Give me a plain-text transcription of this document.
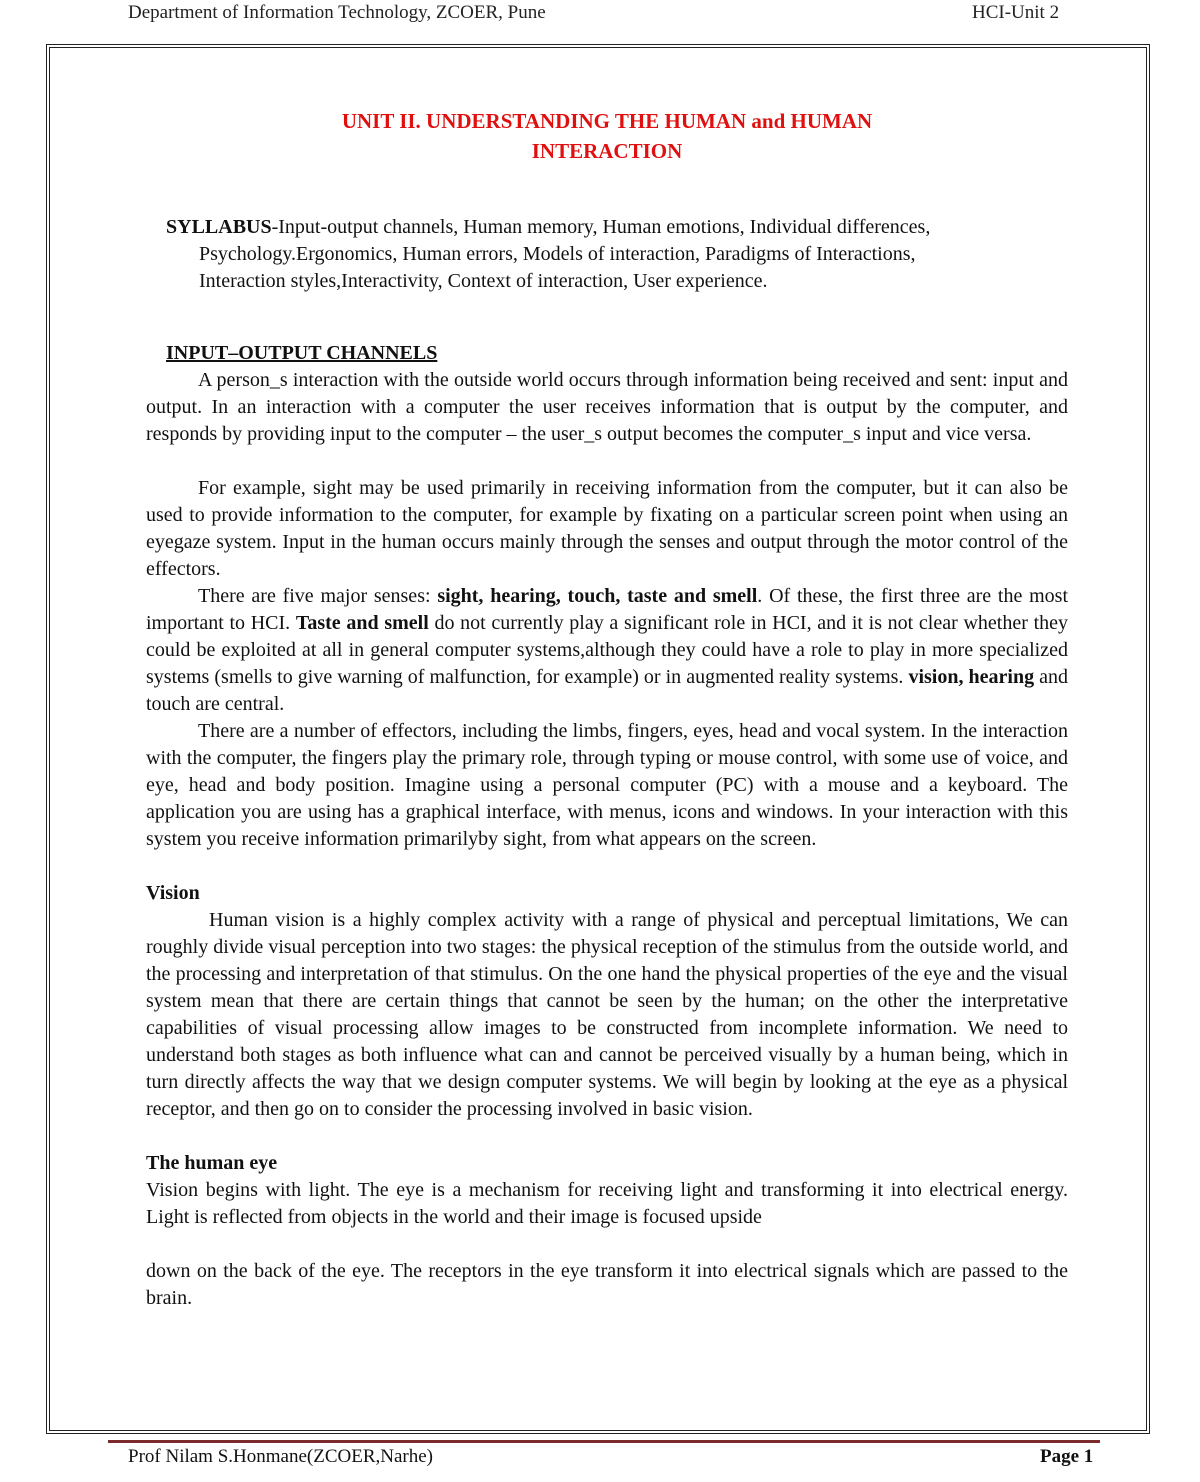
Department of Information Technology, ZCOER, Pune	HCI-Unit 2
UNIT II. UNDERSTANDING THE HUMAN and HUMAN
INTERACTION
SYLLABUS-Input-output channels, Human memory, Human emotions, Individual differences,
Psychology.Ergonomics, Human errors, Models of interaction, Paradigms of Interactions,
Interaction styles,Interactivity, Context of interaction, User experience.
INPUT–OUTPUT CHANNELS

A person_s interaction with the outside world occurs through information being received and sent: input and output. In an interaction with a computer the user receives information that is output by the computer, and responds by providing input to the computer – the user_s output becomes the computer_s input and vice versa.

For example, sight may be used primarily in receiving information from the computer, but it can also be used to provide information to the computer, for example by fixating on a particular screen point when using an eyegaze system. Input in the human occurs mainly through the senses and output through the motor control of the effectors.

There are five major senses: sight, hearing, touch, taste and smell. Of these, the first three are the most important to HCI. Taste and smell do not currently play a significant role in HCI, and it is not clear whether they could be exploited at all in general computer systems,although they could have a role to play in more specialized systems (smells to give warning of malfunction, for example) or in augmented reality systems. vision, hearing and touch are central.

There are a number of effectors, including the limbs, fingers, eyes, head and vocal system. In the interaction with the computer, the fingers play the primary role, through typing or mouse control, with some use of voice, and eye, head and body position. Imagine using a personal computer (PC) with a mouse and a keyboard. The application you are using has a graphical interface, with menus, icons and windows. In your interaction with this system you receive information primarilyby sight, from what appears on the screen.

Vision

Human vision is a highly complex activity with a range of physical and perceptual limitations, We can roughly divide visual perception into two stages: the physical reception of the stimulus from the outside world, and the processing and interpretation of that stimulus. On the one hand the physical properties of the eye and the visual system mean that there are certain things that cannot be seen by the human; on the other the interpretative capabilities of visual processing allow images to be constructed from incomplete information. We need to understand both stages as both influence what can and cannot be perceived visually by a human being, which in turn directly affects the way that we design computer systems. We will begin by looking at the eye as a physical receptor, and then go on to consider the processing involved in basic vision.

The human eye

Vision begins with light. The eye is a mechanism for receiving light and transforming it into electrical energy. Light is reflected from objects in the world and their image is focused upside

down on the back of the eye. The receptors in the eye transform it into electrical signals which are passed to the brain.

Prof Nilam S.Honmane(ZCOER,Narhe)	Page 1
